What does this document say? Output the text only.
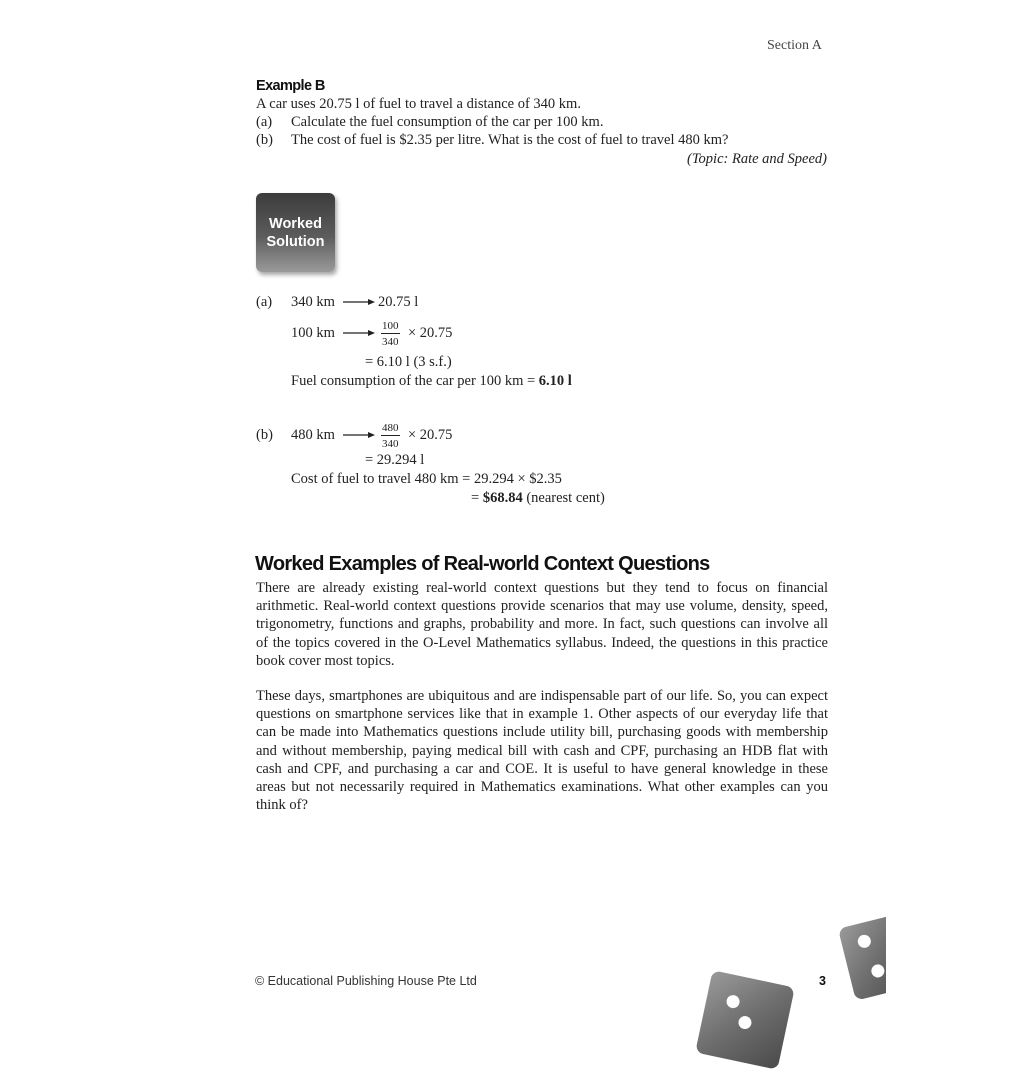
Section A
Example B
A car uses 20.75 l of fuel to travel a distance of 340 km.
(a) Calculate the fuel consumption of the car per 100 km.
(b) The cost of fuel is $2.35 per litre. What is the cost of fuel to travel 480 km?
(Topic: Rate and Speed)
Worked
Solution
(a) 340 km	20.75 l
100 km	$\frac{100}{340} \times 20.75$
= 6.10 l (3 s.f.)
Fuel consumption of the car per 100 km = 6.10 l
(b) 480 km	$\frac{480}{340} \times 20.75$
= 29.294 l
Cost of fuel to travel 480 km = 29.294 × $2.35
= $68.84 (nearest cent)
Worked Examples of Real-world Context Questions
There are already existing real-world context questions but they tend to focus on financial arithmetic. Real-world context questions provide scenarios that may use volume, density, speed, trigonometry, functions and graphs, probability and more. In fact, such questions can involve all of the topics covered in the O-Level Mathematics syllabus. Indeed, the questions in this practice book cover most topics.
These days, smartphones are ubiquitous and are indispensable part of our life. So, you can expect questions on smartphone services like that in example 1. Other aspects of our everyday life that can be made into Mathematics questions include utility bill, purchasing goods with membership and without membership, paying medical bill with cash and CPF, purchasing an HDB flat with cash and CPF, and purchasing a car and COE. It is useful to have general knowledge in these areas but not necessarily required in Mathematics examinations. What other examples can you think of?
© Educational Publishing House Pte Ltd	3
